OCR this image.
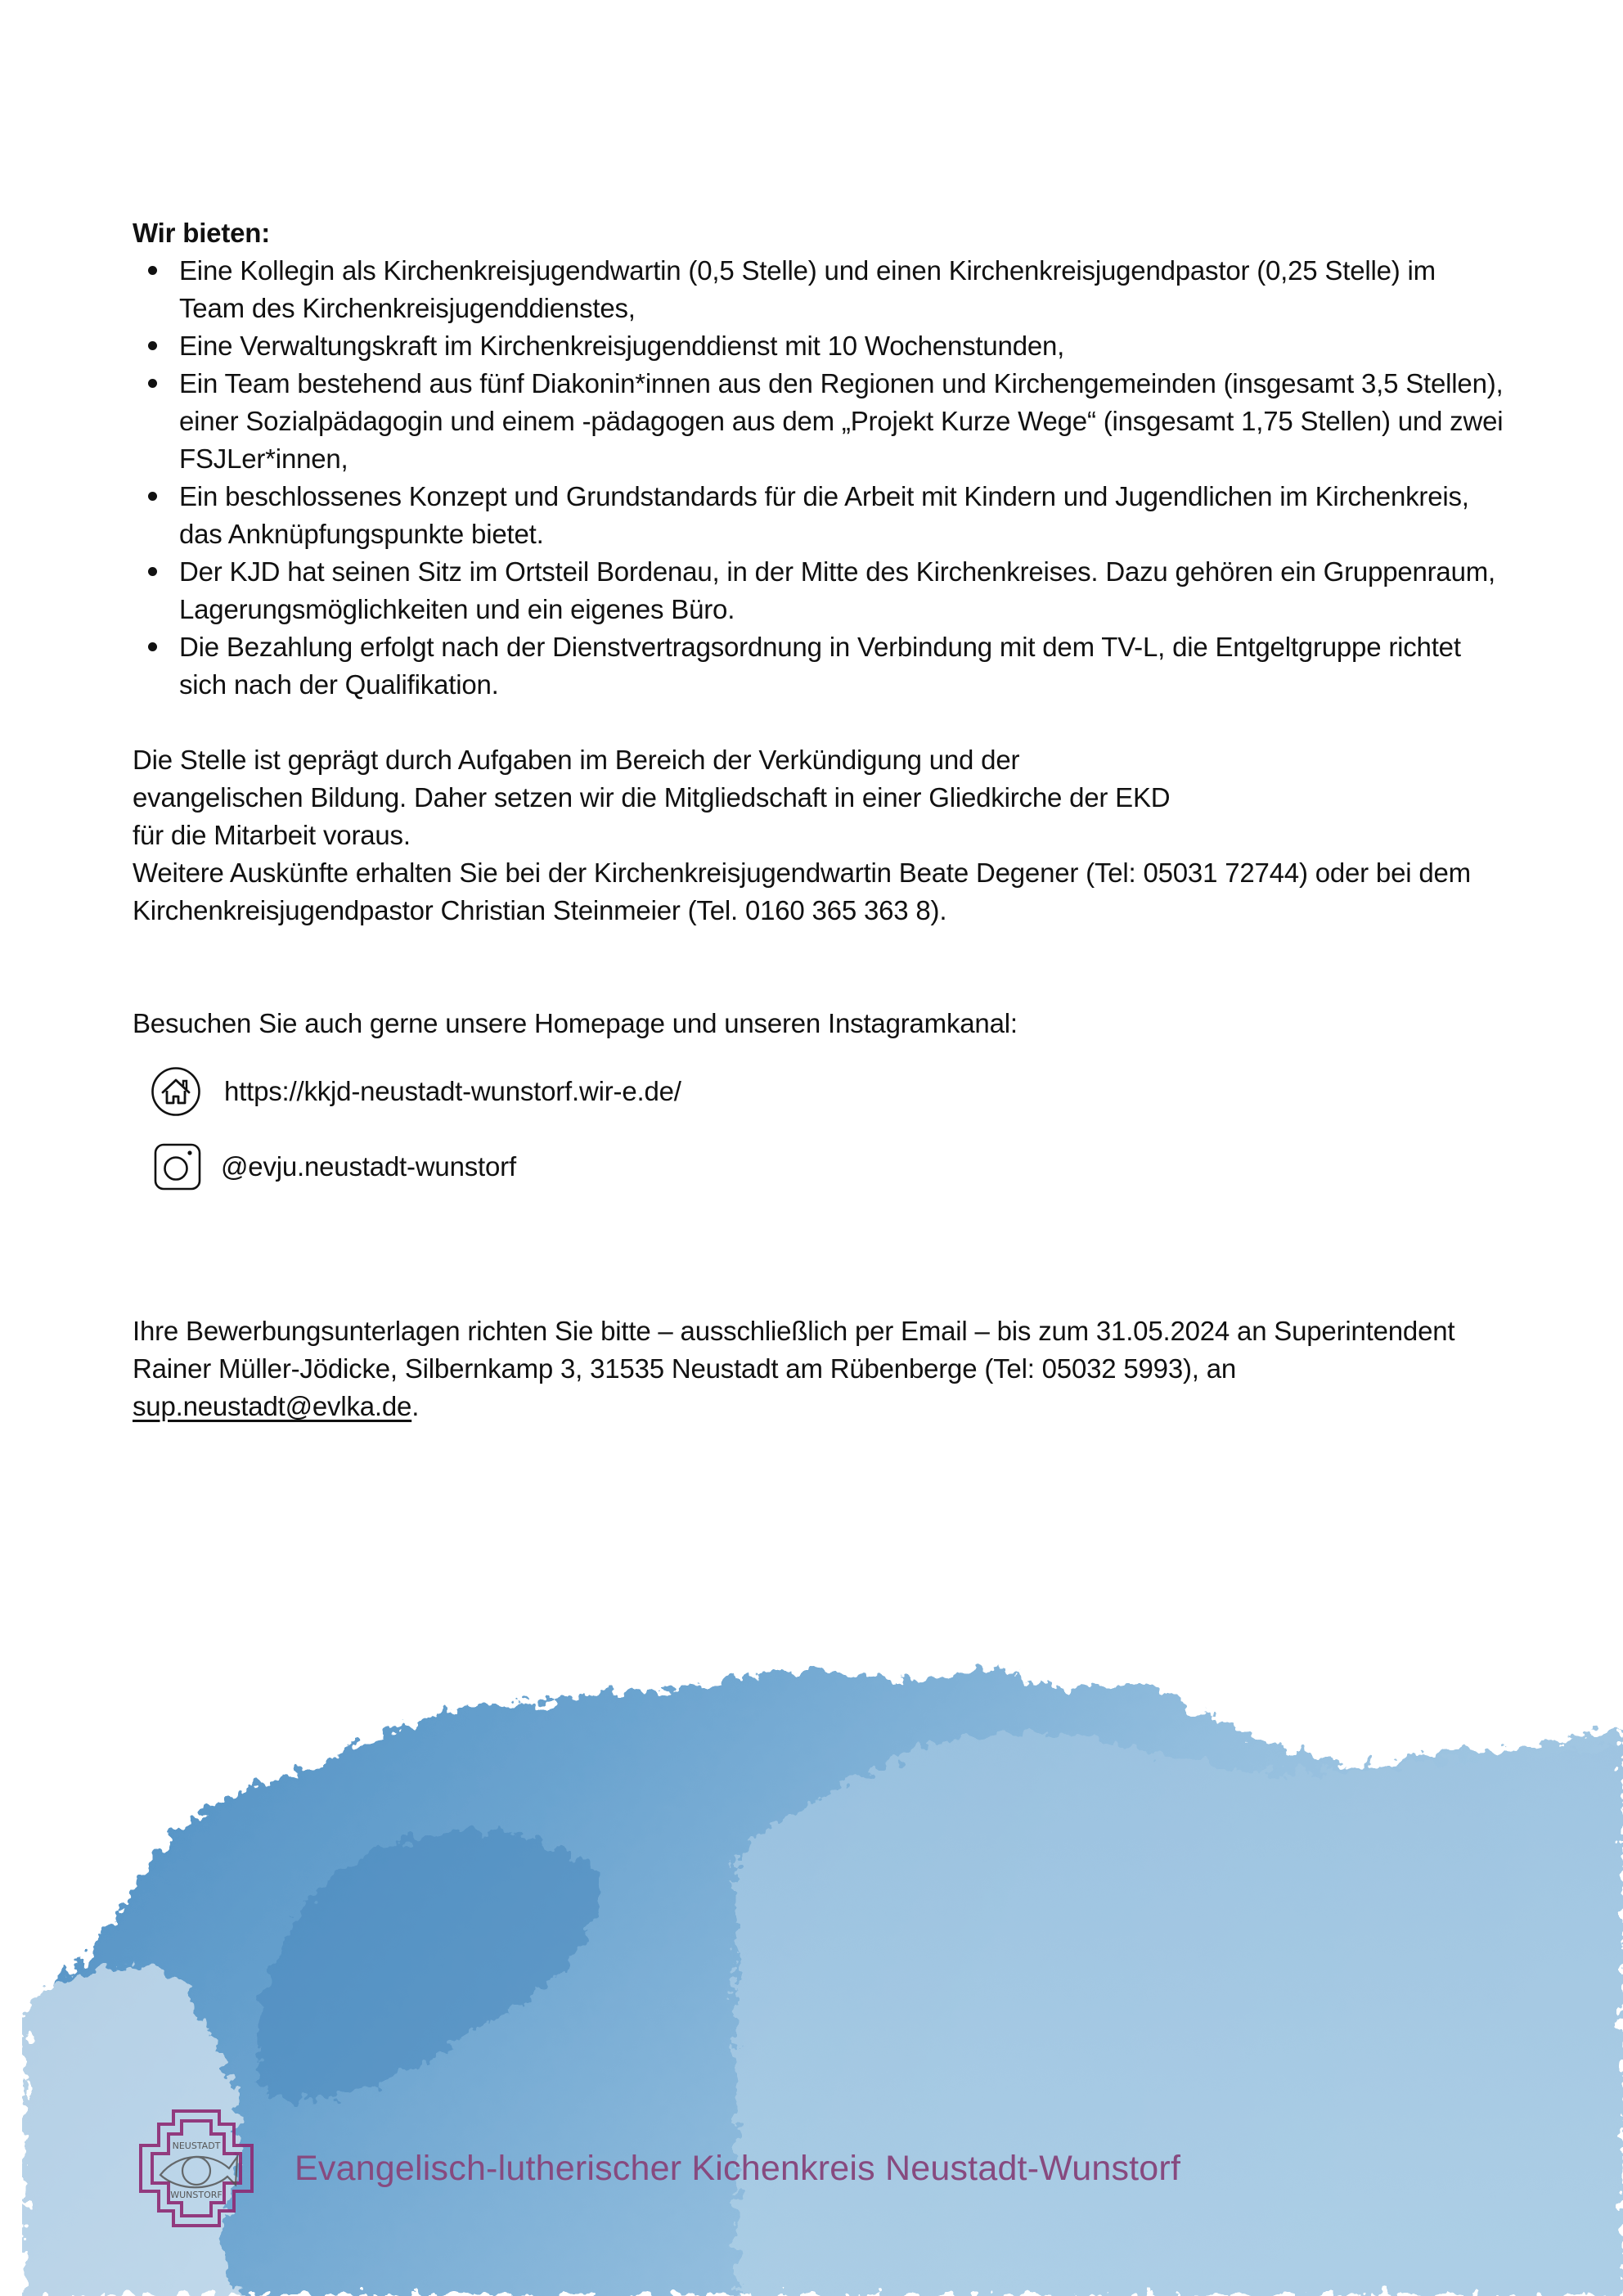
Wir bieten:

Eine Kollegin als Kirchenkreisjugendwartin (0,5 Stelle) und einen Kirchenkreisjugendpastor (0,25 Stelle) im Team des Kirchenkreisjugenddienstes,
Eine Verwaltungskraft im Kirchenkreisjugenddienst mit 10 Wochenstunden,
Ein Team bestehend aus fünf Diakonin*innen aus den Regionen und Kirchengemeinden (insgesamt 3,5 Stellen), einer Sozialpädagogin und einem -pädagogen aus dem „Projekt Kurze Wege“ (insgesamt 1,75 Stellen) und zwei FSJLer*innen,
Ein beschlossenes Konzept und Grundstandards für die Arbeit mit Kindern und Jugendlichen im Kirchenkreis, das Anknüpfungspunkte bietet.
Der KJD hat seinen Sitz im Ortsteil Bordenau, in der Mitte des Kirchenkreises. Dazu gehören ein Gruppenraum, Lagerungsmöglichkeiten und ein eigenes Büro.
Die Bezahlung erfolgt nach der Dienstvertragsordnung in Verbindung mit dem TV-L, die Entgeltgruppe richtet sich nach der Qualifikation.

Die Stelle ist geprägt durch Aufgaben im Bereich der Verkündigung und der

evangelischen Bildung. Daher setzen wir die Mitgliedschaft in einer Gliedkirche der EKD

für die Mitarbeit voraus.

Weitere Auskünfte erhalten Sie bei der Kirchenkreisjugendwartin Beate Degener (Tel: 05031 72744) oder bei dem Kirchenkreisjugendpastor Christian Steinmeier (Tel. 0160 365 363 8).

Besuchen Sie auch gerne unsere Homepage und unseren Instagramkanal:

https://kkjd-neustadt-wunstorf.wir-e.de/
@evju.neustadt-wunstorf

Ihre Bewerbungsunterlagen richten Sie bitte – ausschließlich per Email – bis zum 31.05.2024 an Superintendent Rainer Müller-Jödicke, Silbernkamp 3, 31535 Neustadt am Rübenberge (Tel: 05032 5993), an sup.neustadt@evlka.de.

NEUSTADT
WUNSTORF
Evangelisch-lutherischer Kichenkreis Neustadt-Wunstorf
